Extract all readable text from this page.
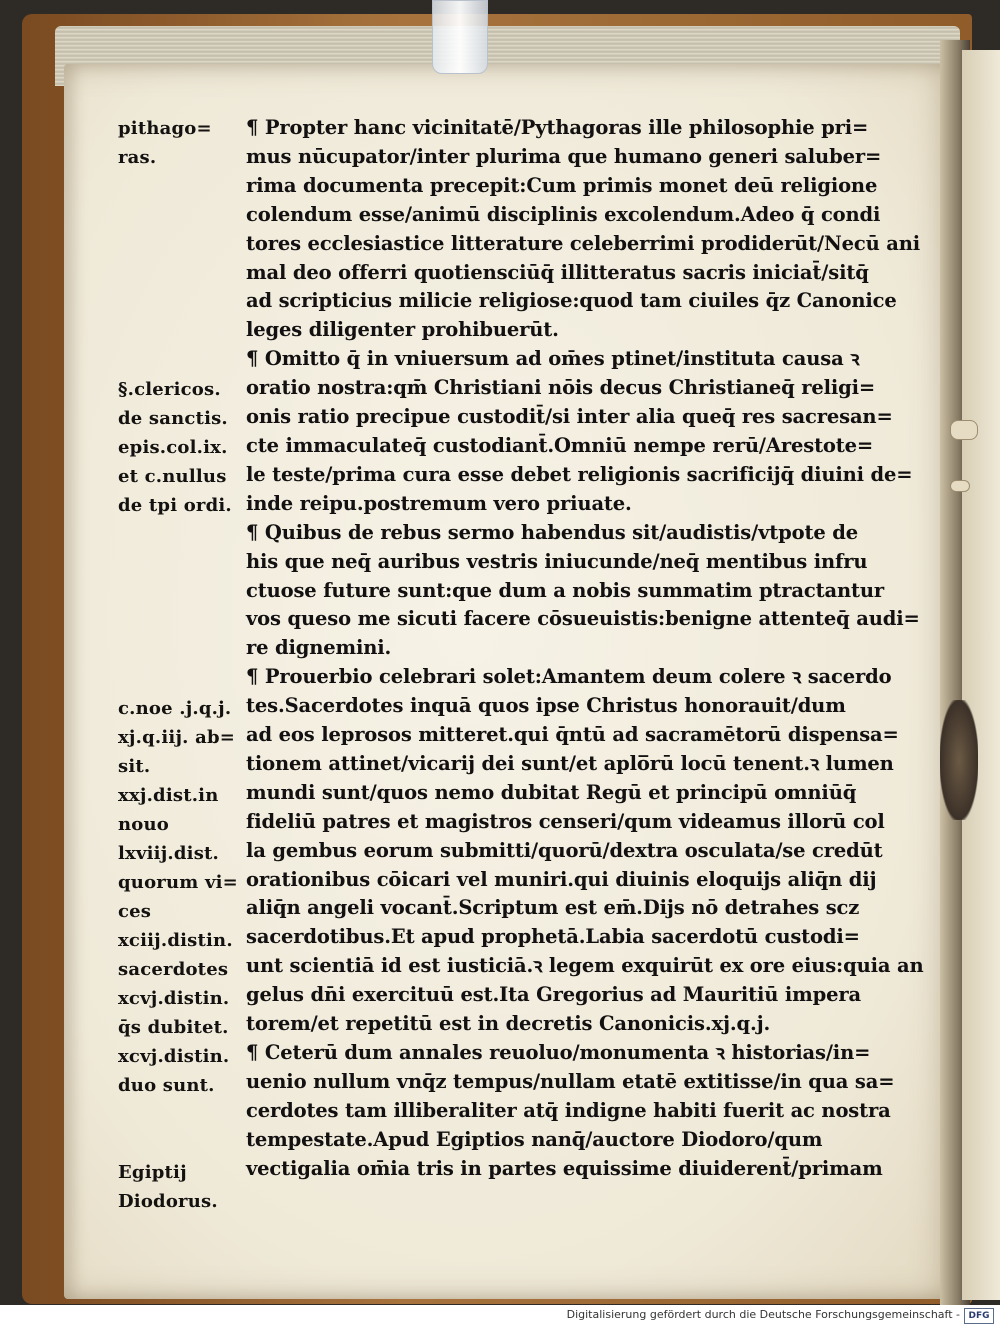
pithago=
ras.

§.clericos.
de sanctis.
epis.col.ix.
et c.nullus
de tpi ordi.

c.noe .j.q.j.
xj.q.iij. ab=
sit.
xxj.dist.in
nouo
lxviij.dist.
quorum vi=
ces
xciij.distin.
sacerdotes
xcvj.distin.
q̄s dubitet.
xcvj.distin.
duo sunt.

Egiptij
Diodorus.
¶ Propter hanc vicinitatē/Pythagoras ille philosophie pri=
mus nūcupator/inter plurima que humano generi saluber=
rima documenta precepit:Cum primis monet deū religione
colendum esse/animū disciplinis excolendum.Adeo q̄ condi
tores ecclesiastice litterature celeberrimi prodiderūt/Necū ani
mal deo offerri quotiensciūq̄ illitteratus sacris iniciat̄/sitq̄
ad scripticius milicie religiose:quod tam ciuiles q̄z Canonice
leges diligenter prohibuerūt.
¶ Omitto q̄ in vniuersum ad om̄es ptinet/instituta causa ꝛ
oratio nostra:qm̄ Christiani nōis decus Christianeq̄ religi=
onis ratio precipue custodit̄/si inter alia queq̄ res sacresan=
cte immaculateq̄ custodiant̄.Omniū nempe rerū/Arestote=
le teste/prima cura esse debet religionis sacrificijq̄ diuini de=
inde reipu.postremum vero priuate.
¶ Quibus de rebus sermo habendus sit/audistis/vtpote de
his que neq̄ auribus vestris iniucunde/neq̄ mentibus infru
ctuose future sunt:que dum a nobis summatim ptractantur
vos queso me sicuti facere cōsueuistis:benigne attenteq̄ audi=
re dignemini.
¶ Prouerbio celebrari solet:Amantem deum colere ꝛ sacerdo
tes.Sacerdotes inquā quos ipse Christus honorauit/dum
ad eos leprosos mitteret.qui q̄ntū ad sacramētorū dispensa=
tionem attinet/vicarij dei sunt/et aplo̅rū locū tenent.ꝛ lumen
mundi sunt/quos nemo dubitat Regū et principū omniūq̄
fideliū patres et magistros censeri/qum videamus illorū col
la gembus eorum submitti/quorū/dextra osculata/se credūt
orationibus cōicari vel muniri.qui diuinis eloquijs aliq̄n dij
aliq̄n angeli vocant̄.Scriptum est em̄.Dijs nō detrahes scz
sacerdotibus.Et apud prophetā.Labia sacerdotū custodi=
unt scientiā id est iusticiā.ꝛ legem exquirūt ex ore eius:quia an
gelus dn̄i exercituū est.Ita Gregorius ad Mauritiū impera
torem/et repetitū est in decretis Canonicis.xj.q.j.
¶ Ceterū dum annales reuoluo/monumenta ꝛ historias/in=
uenio nullum vnq̄z tempus/nullam etatē extitisse/in qua sa=
cerdotes tam illiberaliter atq̄ indigne habiti fuerit ac nostra
tempestate.Apud Egiptios nanq̄/auctore Diodoro/qum
vectigalia om̄ia tris in partes equissime diuiderent̄/primam
Digitalisierung gefördert durch die Deutsche Forschungsgemeinschaft - DFG
